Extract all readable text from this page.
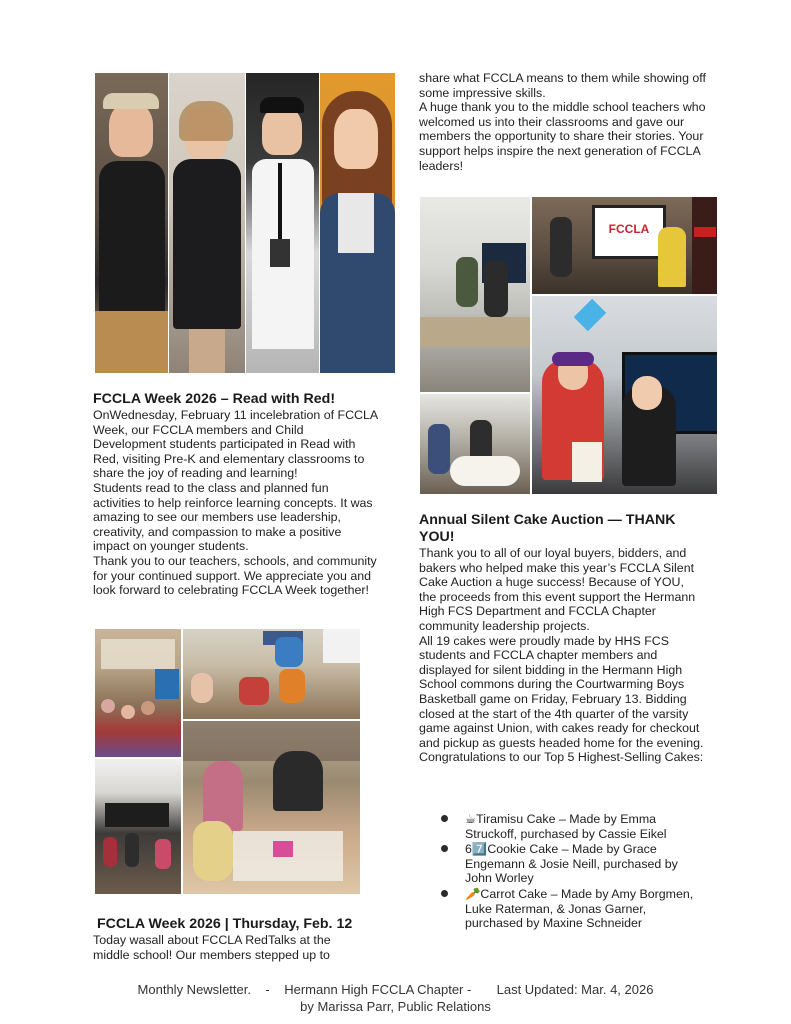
FCCLA Week 2026 – Read with Red!

OnWednesday, February 11 incelebration of FCCLA Week, our FCCLA members and Child Development students participated in Read with Red, visiting Pre-K and elementary classrooms to share the joy of reading and learning!

Students read to the class and planned fun activities to help reinforce learning concepts. It was amazing to see our members use leadership, creativity, and compassion to make a positive impact on younger students.

Thank you to our teachers, schools, and community for your continued support. We appreciate you and look forward to celebrating FCCLA Week together!

FCCLA Week 2026 | Thursday, Feb. 12

Today wasall about FCCLA RedTalks at the middle school! Our members stepped up to

share what FCCLA means to them while showing off some impressive skills.

A huge thank you to the middle school teachers who welcomed us into their classrooms and gave our members the opportunity to share their stories. Your support helps inspire the next generation of FCCLA leaders!

FCCLA
Annual Silent Cake Auction — THANK YOU!

Thank you to all of our loyal buyers, bidders, and bakers who helped make this year’s FCCLA Silent Cake Auction a huge success! Because of YOU, the proceeds from this event support the Hermann High FCS Department and FCCLA Chapter community leadership projects.

All 19 cakes were proudly made by HHS FCS students and FCCLA chapter members and displayed for silent bidding in the Hermann High School commons during the Courtwarming Boys Basketball game on Friday, February 13. Bidding closed at the start of the 4th quarter of the varsity game against Union, with cakes ready for checkout and pickup as guests headed home for the evening.

Congratulations to our Top 5 Highest-Selling Cakes:

☕Tiramisu Cake – Made by Emma Struckoff, purchased by Cassie Eikel
67️⃣Cookie Cake – Made by Grace Engemann & Josie Neill, purchased by John Worley
🥕Carrot Cake – Made by Amy Borgmen, Luke Raterman, & Jonas Garner, purchased by Maxine Schneider
Monthly Newsletter.    -    Hermann High FCCLA Chapter -       Last Updated: Mar. 4, 2026
by Marissa Parr, Public Relations
